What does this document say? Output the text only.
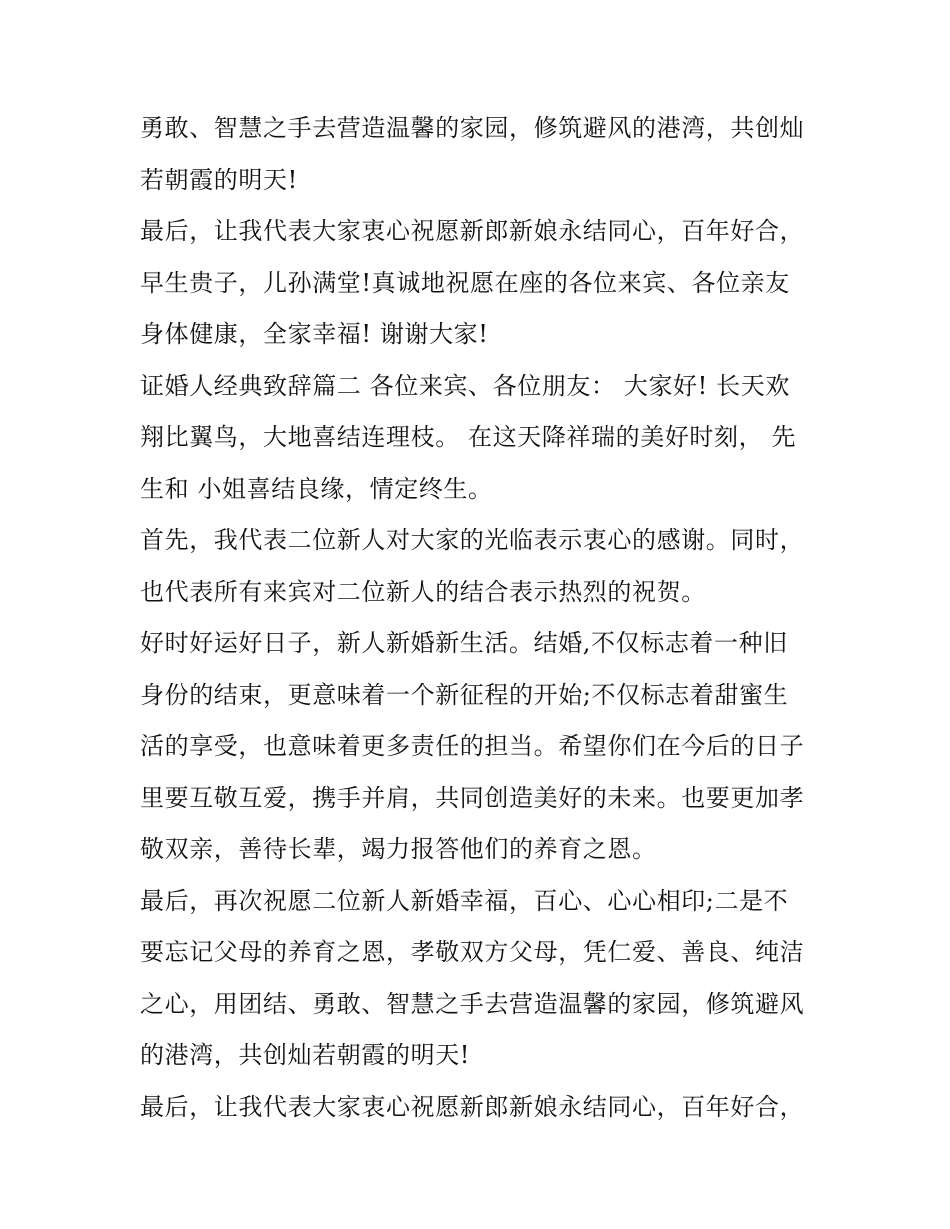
勇敢、智慧之手去营造温馨的家园，修筑避风的港湾，共创灿
若朝霞的明天!
最后，让我代表大家衷心祝愿新郎新娘永结同心，百年好合，
早生贵子，儿孙满堂!真诚地祝愿在座的各位来宾、各位亲友
身体健康，全家幸福! 谢谢大家!
证婚人经典致辞篇二 各位来宾、各位朋友： 大家好! 长天欢
翔比翼鸟，大地喜结连理枝。 在这天降祥瑞的美好时刻， 先
生和 小姐喜结良缘，情定终生。
首先，我代表二位新人对大家的光临表示衷心的感谢。同时，
也代表所有来宾对二位新人的结合表示热烈的祝贺。
好时好运好日子，新人新婚新生活。结婚,不仅标志着一种旧
身份的结束，更意味着一个新征程的开始;不仅标志着甜蜜生
活的享受，也意味着更多责任的担当。希望你们在今后的日子
里要互敬互爱，携手并肩，共同创造美好的未来。也要更加孝
敬双亲，善待长辈，竭力报答他们的养育之恩。
最后，再次祝愿二位新人新婚幸福，百心、心心相印;二是不
要忘记父母的养育之恩，孝敬双方父母，凭仁爱、善良、纯洁
之心，用团结、勇敢、智慧之手去营造温馨的家园，修筑避风
的港湾，共创灿若朝霞的明天!
最后，让我代表大家衷心祝愿新郎新娘永结同心，百年好合，
